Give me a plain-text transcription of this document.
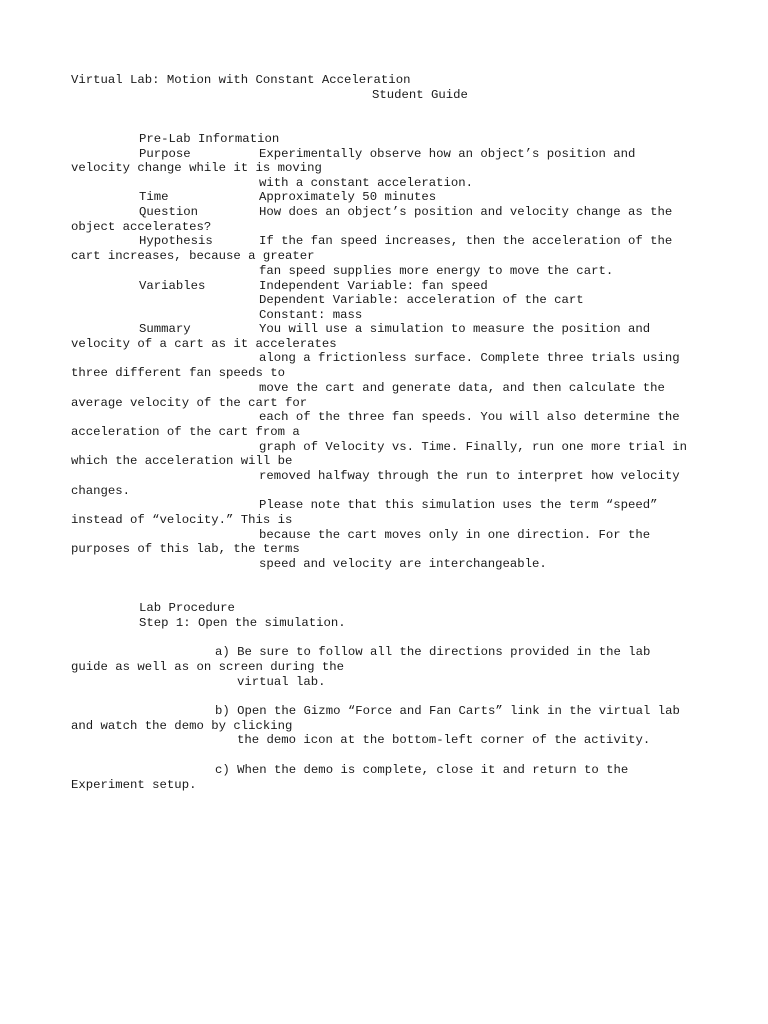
Virtual Lab: Motion with Constant Acceleration
Student Guide
Pre-Lab Information
Purpose	Experimentally observe how an object’s position and
velocity change while it is moving
with a constant acceleration.
Time	Approximately 50 minutes
Question	How does an object’s position and velocity change as the
object accelerates?
Hypothesis	If the fan speed increases, then the acceleration of the
cart increases, because a greater
fan speed supplies more energy to move the cart.
Variables	Independent Variable: fan speed
Dependent Variable: acceleration of the cart
Constant: mass
Summary	You will use a simulation to measure the position and
velocity of a cart as it accelerates
along a frictionless surface. Complete three trials using
three different fan speeds to
move the cart and generate data, and then calculate the
average velocity of the cart for
each of the three fan speeds. You will also determine the
acceleration of the cart from a
graph of Velocity vs. Time. Finally, run one more trial in
which the acceleration will be
removed halfway through the run to interpret how velocity
changes.
Please note that this simulation uses the term “speed”
instead of “velocity.” This is
because the cart moves only in one direction. For the
purposes of this lab, the terms
speed and velocity are interchangeable.
Lab Procedure
Step 1: Open the simulation.
a) Be sure to follow all the directions provided in the lab
guide as well as on screen during the
virtual lab.
b) Open the Gizmo “Force and Fan Carts” link in the virtual lab
and watch the demo by clicking
the demo icon at the bottom-left corner of the activity.
c) When the demo is complete, close it and return to the
Experiment setup.
